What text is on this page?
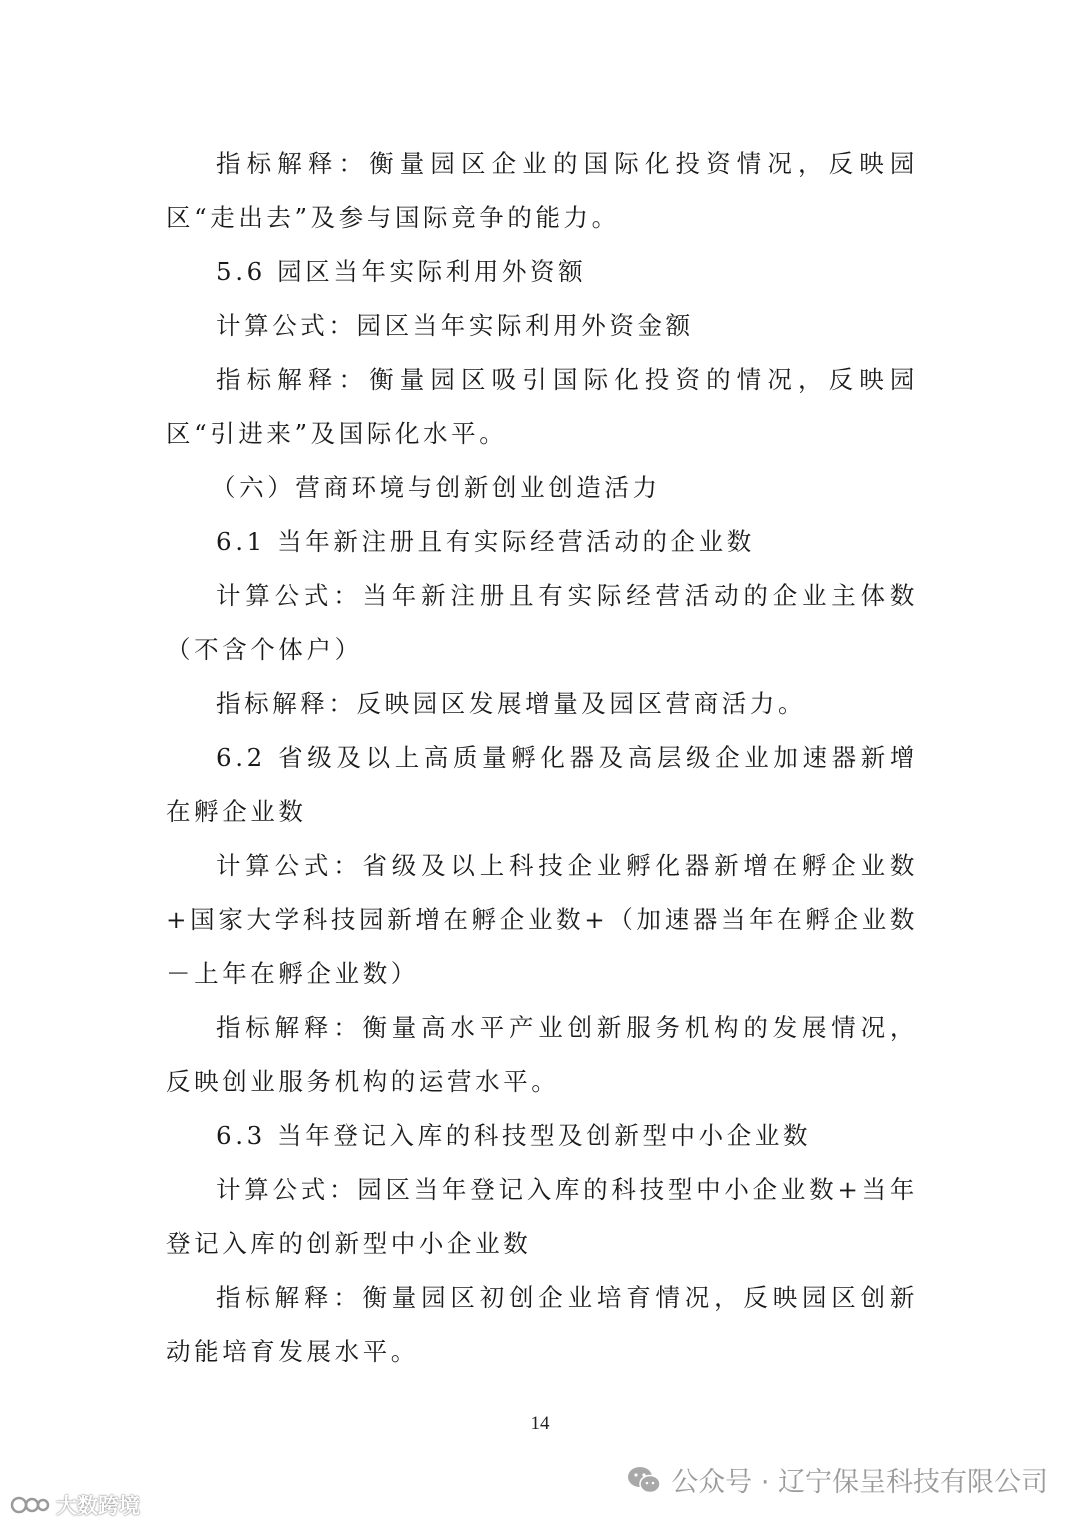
指标解释：衡量园区企业的国际化投资情况，反映园区“走出去”及参与国际竞争的能力。

5.6 园区当年实际利用外资额

计算公式：园区当年实际利用外资金额

指标解释：衡量园区吸引国际化投资的情况，反映园区“引进来”及国际化水平。

（六）营商环境与创新创业创造活力

6.1 当年新注册且有实际经营活动的企业数

计算公式：当年新注册且有实际经营活动的企业主体数（不含个体户）

指标解释：反映园区发展增量及园区营商活力。

6.2 省级及以上高质量孵化器及高层级企业加速器新增在孵企业数

计算公式：省级及以上科技企业孵化器新增在孵企业数+国家大学科技园新增在孵企业数+（加速器当年在孵企业数－上年在孵企业数）

指标解释：衡量高水平产业创新服务机构的发展情况，反映创业服务机构的运营水平。

6.3 当年登记入库的科技型及创新型中小企业数

计算公式：园区当年登记入库的科技型中小企业数+当年登记入库的创新型中小企业数

指标解释：衡量园区初创企业培育情况，反映园区创新动能培育发展水平。

14
公众号 · 辽宁保呈科技有限公司
大数跨境
